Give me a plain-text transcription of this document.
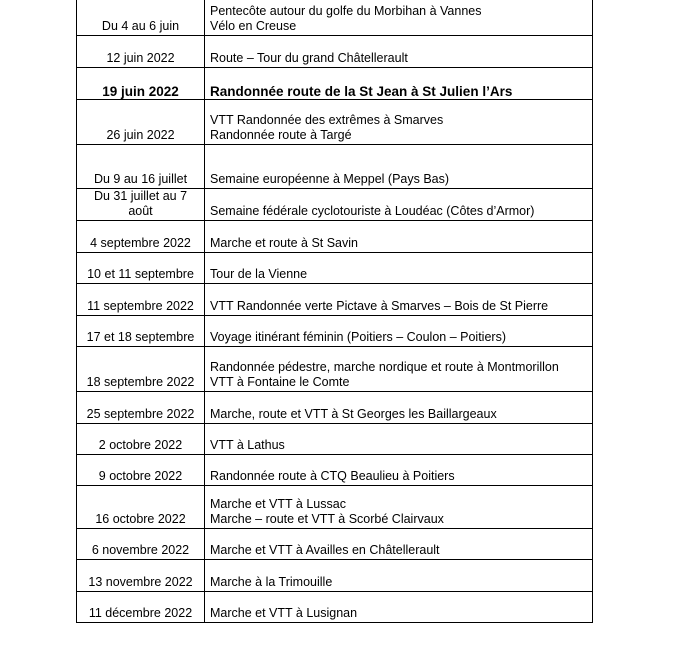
Du 4 au 6 juin	Pentecôte autour du golfe du Morbihan à Vannes
Vélo en Creuse

12 juin 2022	Route – Tour du grand Châtellerault

19 juin 2022	Randonnée route de la St Jean à St Julien l’Ars

26 juin 2022	VTT Randonnée des extrêmes à Smarves
Randonnée route à Targé

Du 9 au 16 juillet	Semaine européenne à Meppel (Pays Bas)

Du 31 juillet au 7
août	Semaine fédérale cyclotouriste à Loudéac (Côtes d’Armor)

4 septembre 2022	Marche et route à St Savin

10 et 11 septembre	Tour de la Vienne

11 septembre 2022	VTT Randonnée verte Pictave à Smarves – Bois de St Pierre

17 et 18 septembre	Voyage itinérant féminin (Poitiers – Coulon – Poitiers)

18 septembre 2022	Randonnée pédestre, marche nordique et route à Montmorillon
VTT à Fontaine le Comte

25 septembre 2022	Marche, route et VTT à St Georges les Baillargeaux

2 octobre 2022	VTT à Lathus

9 octobre 2022	Randonnée route à CTQ Beaulieu à Poitiers

16 octobre 2022	Marche et VTT à Lussac
Marche – route et VTT à Scorbé Clairvaux

6 novembre 2022	Marche et VTT à Availles en Châtellerault

13 novembre 2022	Marche à la Trimouille

11 décembre 2022	Marche et VTT à Lusignan
